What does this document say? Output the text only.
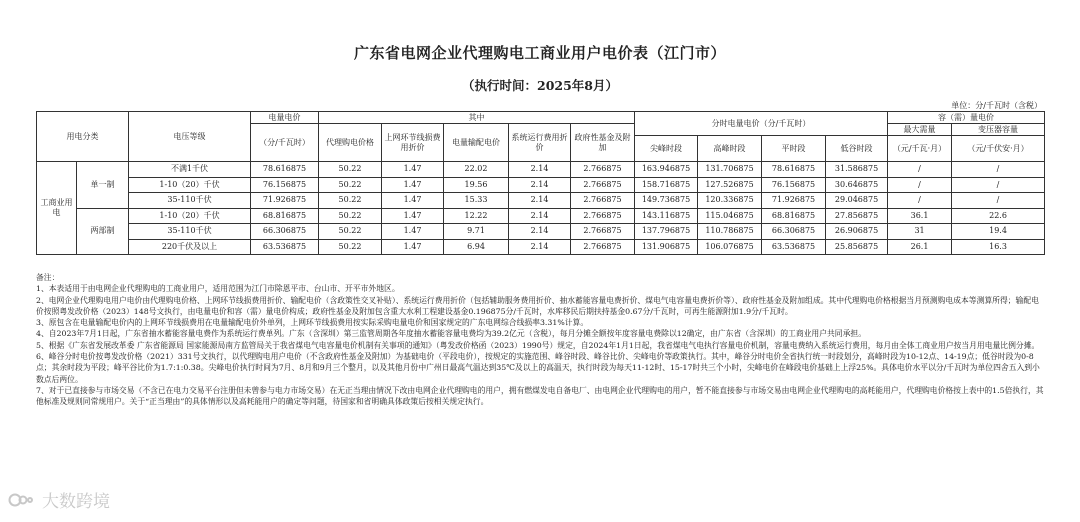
广东省电网企业代理购电工商业用户电价表（江门市）
（执行时间：2025年8月）
单位：分/千瓦时（含税）
用电分类		电压等级	电量电价	其中					分时电量电价（分/千瓦时）				容（需）量电价	
			（分/千瓦时）	代理购电价格	上网环节线损费用折价	电量输配电价	系统运行费用折价	政府性基金及附加					最大需量	变压器容量
									尖峰时段	高峰时段	平时段	低谷时段	（元/千瓦·月）	（元/千伏安·月）
工商业用电	单一制	不满1千伏	78.616875	50.22	1.47	22.02	2.14	2.766875	163.946875	131.706875	78.616875	31.586875	/	/
		1-10（20）千伏	76.156875	50.22	1.47	19.56	2.14	2.766875	158.716875	127.526875	76.156875	30.646875	/	/
		35-110千伏	71.926875	50.22	1.47	15.33	2.14	2.766875	149.736875	120.336875	71.926875	29.046875	/	/
	两部制	1-10（20）千伏	68.816875	50.22	1.47	12.22	2.14	2.766875	143.116875	115.046875	68.816875	27.856875	36.1	22.6
		35-110千伏	66.306875	50.22	1.47	9.71	2.14	2.766875	137.796875	110.786875	66.306875	26.906875	31	19.4
		220千伏及以上	63.536875	50.22	1.47	6.94	2.14	2.766875	131.906875	106.076875	63.536875	25.856875	26.1	16.3

备注：

1、本表适用于由电网企业代理购电的工商业用户，适用范围为江门市除恩平市、台山市、开平市外地区。

2、电网企业代理购电用户电价由代理购电价格、上网环节线损费用折价、输配电价（含政策性交叉补贴）、系统运行费用折价（包括辅助服务费用折价、抽水蓄能容量电费折价、煤电气电容量电费折价等）、政府性基金及附加组成。其中代理购电价格根据当月预测购电成本等测算所得；输配电价按照粤发改价格（2023）148号文执行，由电量电价和容（需）量电价构成；政府性基金及附加包含重大水利工程建设基金0.196875分/千瓦时，水库移民后期扶持基金0.67分/千瓦时，可再生能源附加1.9分/千瓦时。

3、原包含在电量输配电价内的上网环节线损费用在电量输配电价外单列，上网环节线损费用按实际采购电量电价和国家规定的广东电网综合线损率3.31%计算。

4、自2023年7月1日起，广东省抽水蓄能容量电费作为系统运行费单列。广东（含深圳）第三监管周期各年度抽水蓄能容量电费均为39.2亿元（含税），每月分摊全额按年度容量电费除以12确定，由广东省（含深圳）的工商业用户共同承担。

5、根据《广东省发展改革委 广东省能源局 国家能源局南方监管局关于我省煤电气电容量电价机制有关事项的通知》（粤发改价格函（2023）1990号）规定，自2024年1月1日起，我省煤电气电执行容量电价机制，容量电费纳入系统运行费用，每月由全体工商业用户按当月用电量比例分摊。

6、峰谷分时电价按粤发改价格（2021）331号文执行，以代理购电用户电价（不含政府性基金及附加）为基础电价（平段电价），按规定的实施范围、峰谷时段、峰谷比价、尖峰电价等政策执行。其中，峰谷分时电价全省执行统一时段划分，高峰时段为10-12点、14-19点；低谷时段为0-8点；其余时段为平段；峰平谷比价为1.7:1:0.38。尖峰电价执行时间为7月、8月和9月三个整月，以及其他月份中广州日最高气温达到35℃及以上的高温天，执行时段为每天11-12时、15-17时共三个小时，尖峰电价在峰段电价基础上上浮25%。具体电价水平以分/千瓦时为单位四舍五入到小数点后两位。

7、对于已直接参与市场交易（不含已在电力交易平台注册但未曾参与电力市场交易）在无正当理由情况下改由电网企业代理购电的用户，拥有燃煤发电自备电厂、由电网企业代理购电的用户，暂不能直接参与市场交易由电网企业代理购电的高耗能用户，代理购电价格按上表中的1.5倍执行，其他标准及规则同常规用户。关于“正当理由”的具体情形以及高耗能用户的确定等问题，待国家和省明确具体政策后按相关规定执行。

大数跨境
